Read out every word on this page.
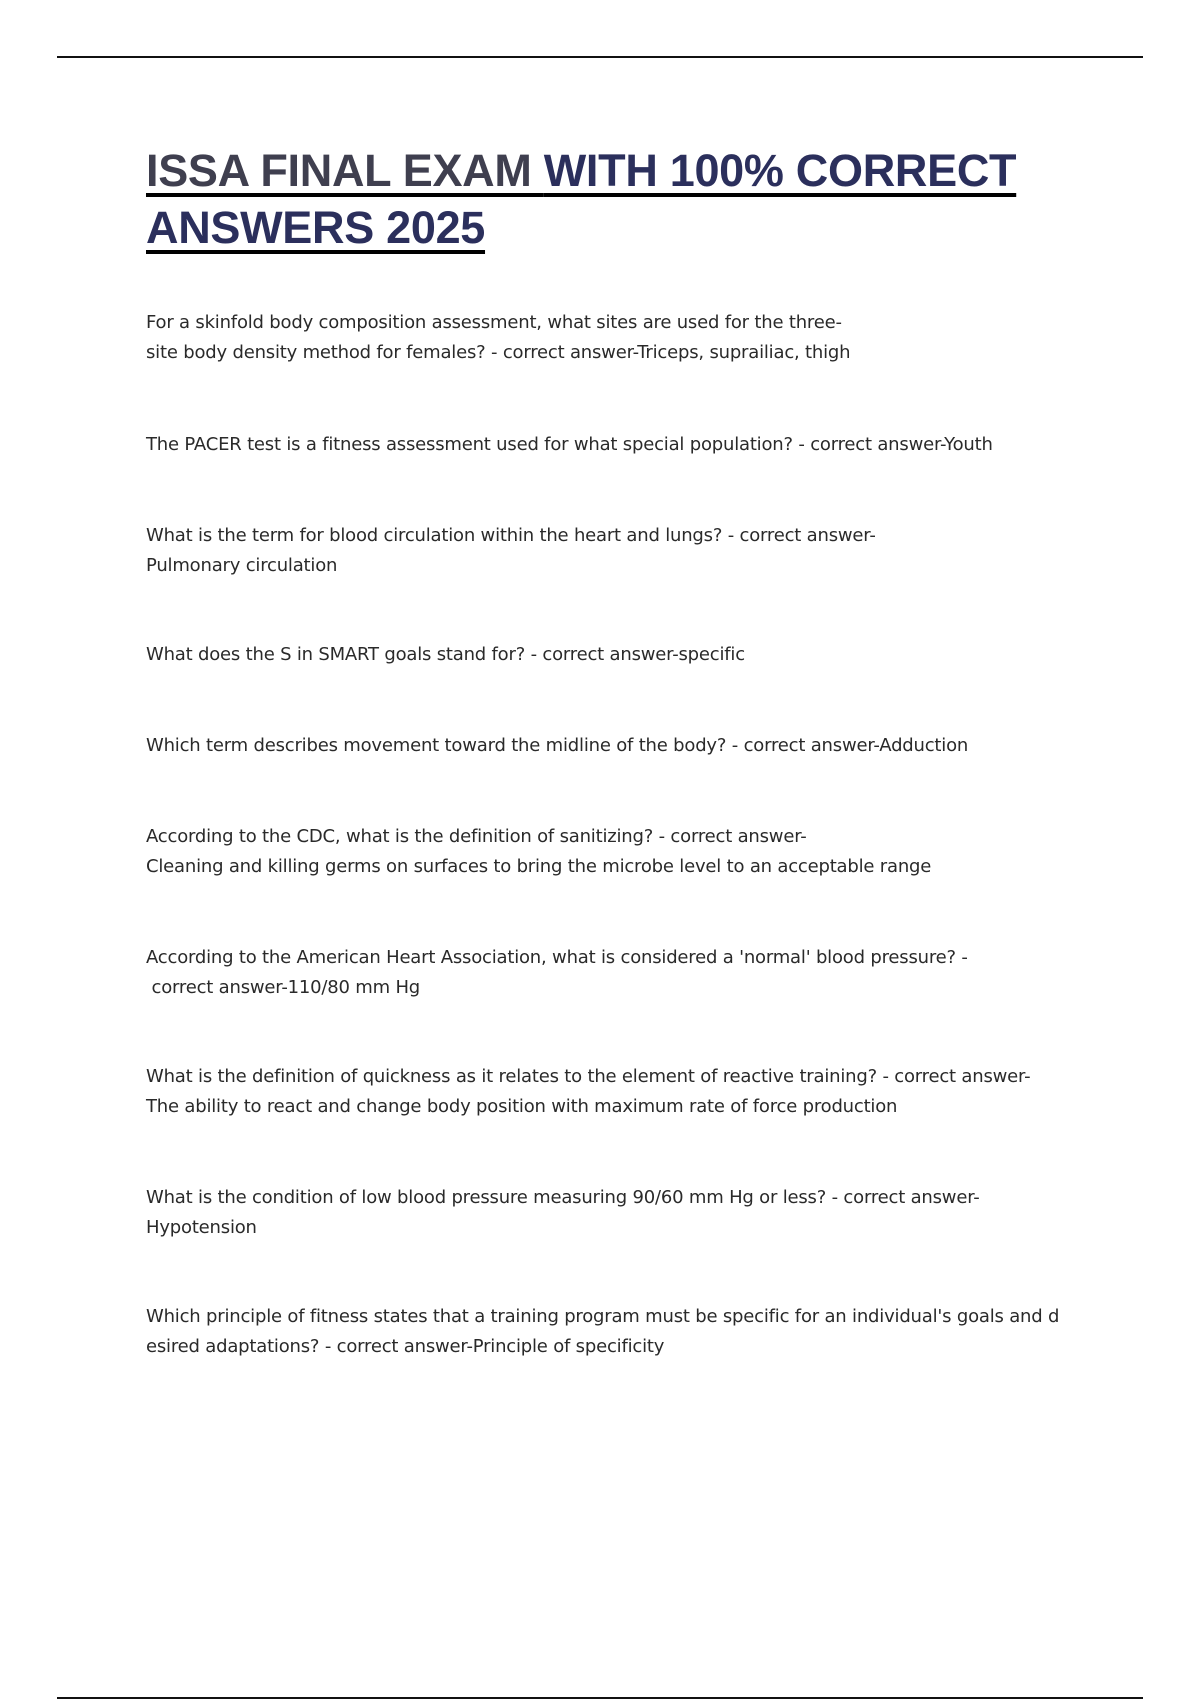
ISSA FINAL EXAM WITH 100% CORRECT ANSWERS 2025

For a skinfold body composition assessment, what sites are used for the three-
site body density method for females? - correct answer-Triceps, suprailiac, thigh

The PACER test is a fitness assessment used for what special population? - correct answer-Youth

What is the term for blood circulation within the heart and lungs? - correct answer-
Pulmonary circulation

What does the S in SMART goals stand for? - correct answer-specific

Which term describes movement toward the midline of the body? - correct answer-Adduction

According to the CDC, what is the definition of sanitizing? - correct answer-
Cleaning and killing germs on surfaces to bring the microbe level to an acceptable range

According to the American Heart Association, what is considered a 'normal' blood pressure? -
correct answer-110/80 mm Hg

What is the definition of quickness as it relates to the element of reactive training? - correct answer-
The ability to react and change body position with maximum rate of force production

What is the condition of low blood pressure measuring 90/60 mm Hg or less? - correct answer-
Hypotension

Which principle of fitness states that a training program must be specific for an individual's goals and d
esired adaptations? - correct answer-Principle of specificity
